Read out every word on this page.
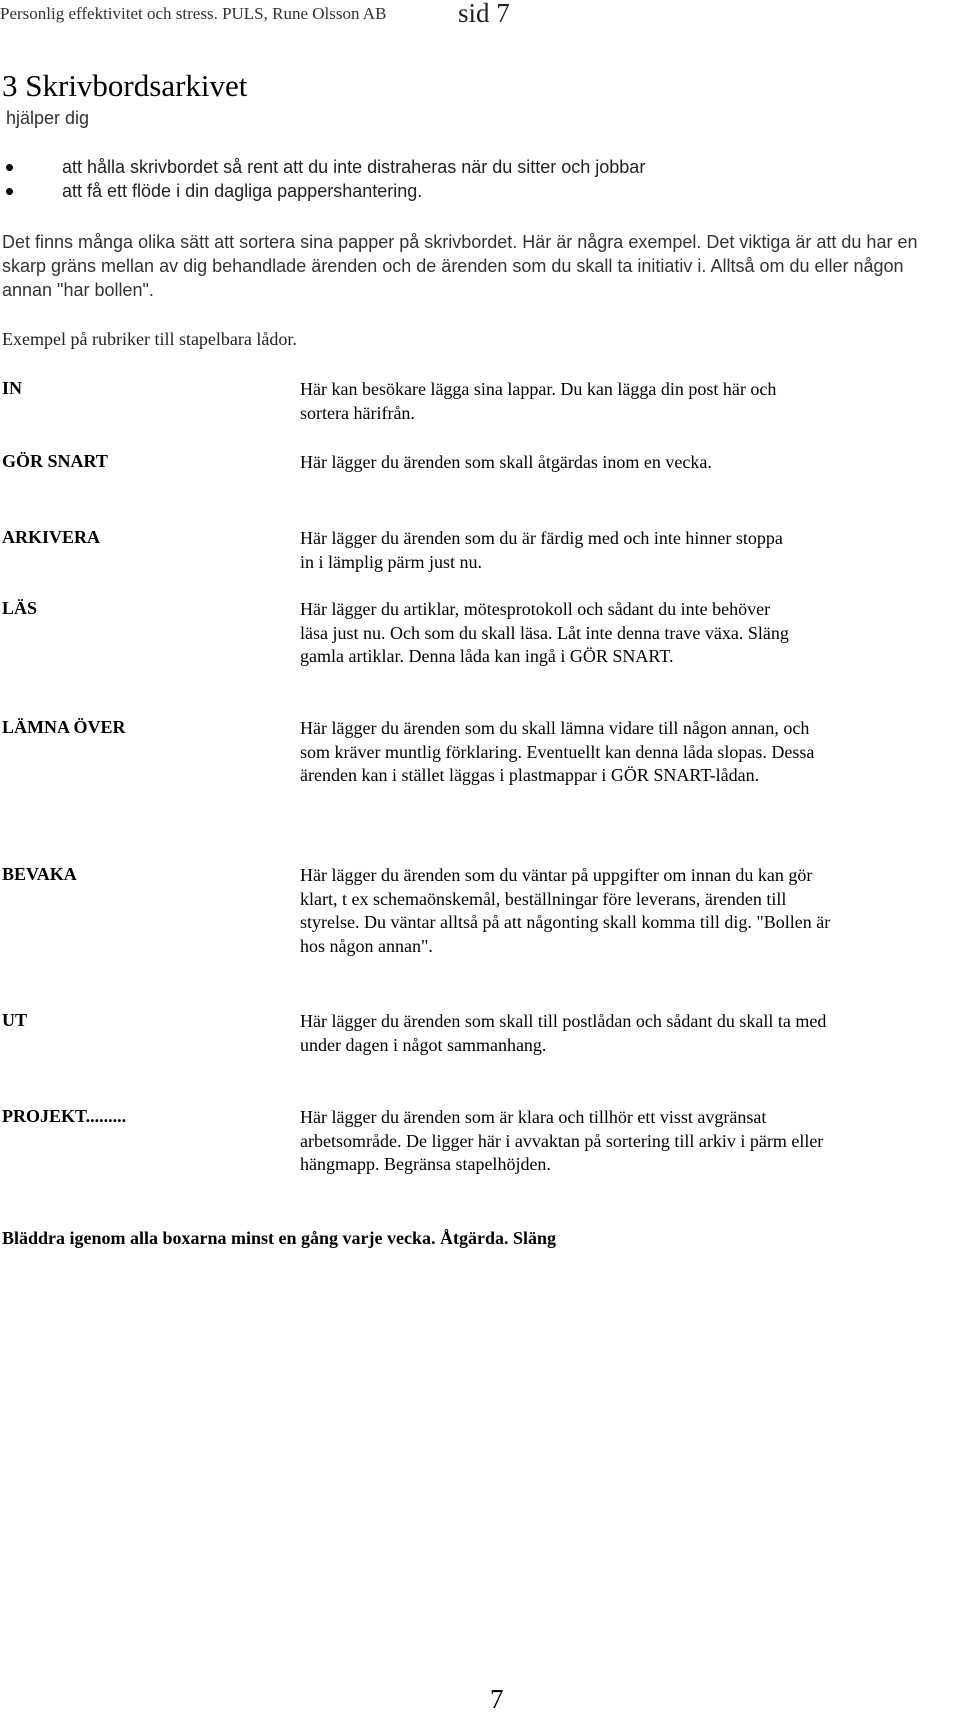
Personlig effektivitet och stress. PULS, Rune Olsson AB	sid 7
3 Skrivbordsarkivet
hjälper dig
att hålla skrivbordet så rent att du inte distraheras när du sitter och jobbar
att få ett flöde i din dagliga pappershantering.

Det finns många olika sätt att sortera sina papper på skrivbordet. Här är några exempel. Det viktiga är att du har en skarp gräns mellan av dig behandlade ärenden och de ärenden som du skall ta initiativ i. Alltså om du eller någon annan "har bollen".

Exempel på rubriker till stapelbara lådor.
IN	Här kan besökare lägga sina lappar. Du kan lägga din post här och sortera härifrån.
GÖR SNART	Här lägger du ärenden som skall åtgärdas inom en vecka.
ARKIVERA	Här lägger du ärenden som du är färdig med och inte hinner stoppa in i lämplig pärm just nu.
LÄS	Här lägger du artiklar, mötesprotokoll och sådant du inte behöver läsa just nu. Och som du skall läsa. Låt inte denna trave växa. Släng gamla artiklar. Denna låda kan ingå i GÖR SNART.
LÄMNA ÖVER	Här lägger du ärenden som du skall lämna vidare till någon annan, och som kräver muntlig förklaring. Eventuellt kan denna låda slopas. Dessa ärenden kan i stället läggas i plastmappar i GÖR SNART-lådan.
BEVAKA	Här lägger du ärenden som du väntar på uppgifter om innan du kan gör klart, t ex schemaönskemål, beställningar före leverans, ärenden till styrelse. Du väntar alltså på att någonting skall komma till dig. "Bollen är hos någon annan".
UT	Här lägger du ärenden som skall till postlådan och sådant du skall ta med under dagen i något sammanhang.
PROJEKT.........	Här lägger du ärenden som är klara och tillhör ett visst avgränsat arbetsområde. De ligger här i avvaktan på sortering till arkiv i pärm eller hängmapp. Begränsa stapelhöjden.
Bläddra igenom alla boxarna minst en gång varje vecka. Åtgärda. Släng
7
